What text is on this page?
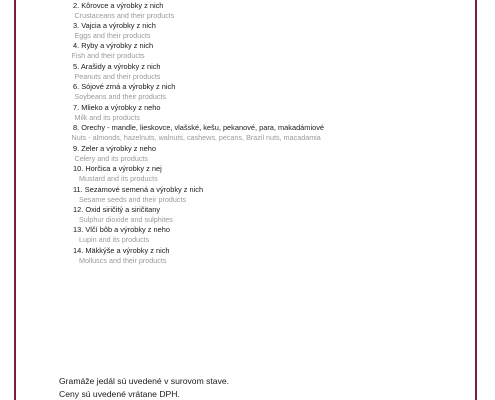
2. Kôrovce a výrobky z nich
Crustaceans and their products
3. Vajcia a výrobky z nich
Eggs and their products
4. Ryby a výrobky z nich
Fish and their products
5. Arašidy a výrobky z nich
Peanuts and their products
6. Sójové zrná a výrobky z nich
Soybeans and their products
7. Mlieko a výrobky z neho
Milk and its products
8. Orechy - mandle, lieskovce, vlašské, kešu, pekanové, para, makadámiové
Nuts - almonds, hazelnuts, walnuts, cashews, pecans, Brazil nuts, macadamia
9. Zeler a výrobky z neho
Celery and its products
10. Horčica a výrobky z nej
Mustard and its products
11. Sezamové semená a výrobky z nich
Sesame seeds and their products
12. Oxid siričitý a siričitany
Sulphur dioxide and sulphites
13. Vlčí bôb a výrobky z neho
Lupin and its products
14. Mäkkýše a výrobky z nich
Molluscs and their products
Gramáže jedál sú uvedené v surovom stave.
Ceny sú uvedené vrátane DPH.
